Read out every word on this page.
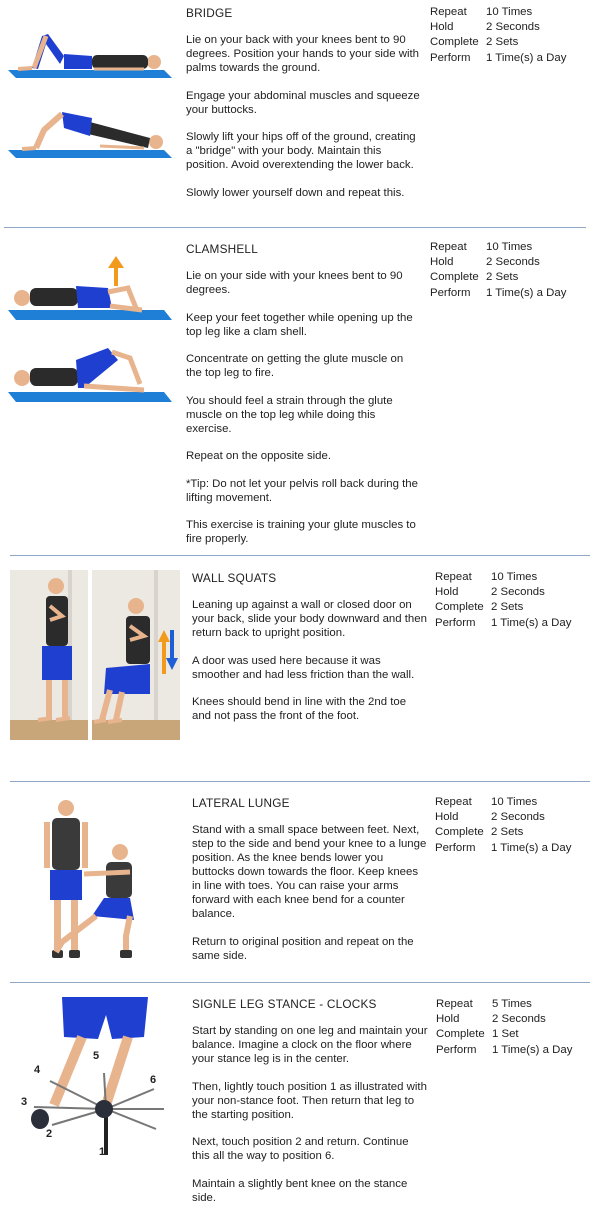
BRIDGE
Lie on your back with your knees bent to 90 degrees. Position your hands to your side with palms towards the ground.
Engage your abdominal muscles and squeeze your buttocks.
Slowly lift your hips off of the ground, creating a "bridge" with your body. Maintain this position. Avoid overextending the lower back.
Slowly lower yourself down and repeat this.
Repeat	10 Times
Hold	2 Seconds
Complete 2 Sets
Perform	1 Time(s) a Day
CLAMSHELL
Lie on your side with your knees bent to 90 degrees.
Keep your feet together while opening up the top leg like a clam shell.
Concentrate on getting the glute muscle on the top leg to fire.
You should feel a strain through the glute muscle on the top leg while doing this exercise.
Repeat on the opposite side.
*Tip: Do not let your pelvis roll back during the lifting movement.
This exercise is training your glute muscles to fire properly.
Repeat	10 Times
Hold	2 Seconds
Complete 2 Sets
Perform	1 Time(s) a Day
WALL SQUATS
Leaning up against a wall or closed door on your back, slide your body downward and then return back to upright position.
A door was used here because it was smoother and had less friction than the wall.
Knees should bend in line with the 2nd toe and not pass the front of the foot.
Repeat	10 Times
Hold	2 Seconds
Complete 2 Sets
Perform	1 Time(s) a Day
LATERAL LUNGE
Stand with a small space between feet. Next, step to the side and bend your knee to a lunge position. As the knee bends lower you buttocks down towards the floor. Keep knees in line with toes. You can raise your arms forward with each knee bend for a counter balance.
Return to original position and repeat on the same side.
Repeat	10 Times
Hold	2 Seconds
Complete 2 Sets
Perform	1 Time(s) a Day
1
2
3
4
5
6
SIGNLE LEG STANCE - CLOCKS
Start by standing on one leg and maintain your balance. Imagine a clock on the floor where your stance leg is in the center.
Then, lightly touch position 1 as illustrated with your non-stance foot. Then return that leg to the starting position.
Next, touch position 2 and return. Continue this all the way to position 6.
Maintain a slightly bent knee on the stance side.
Repeat	5 Times
Hold	2 Seconds
Complete 1 Set
Perform	1 Time(s) a Day
